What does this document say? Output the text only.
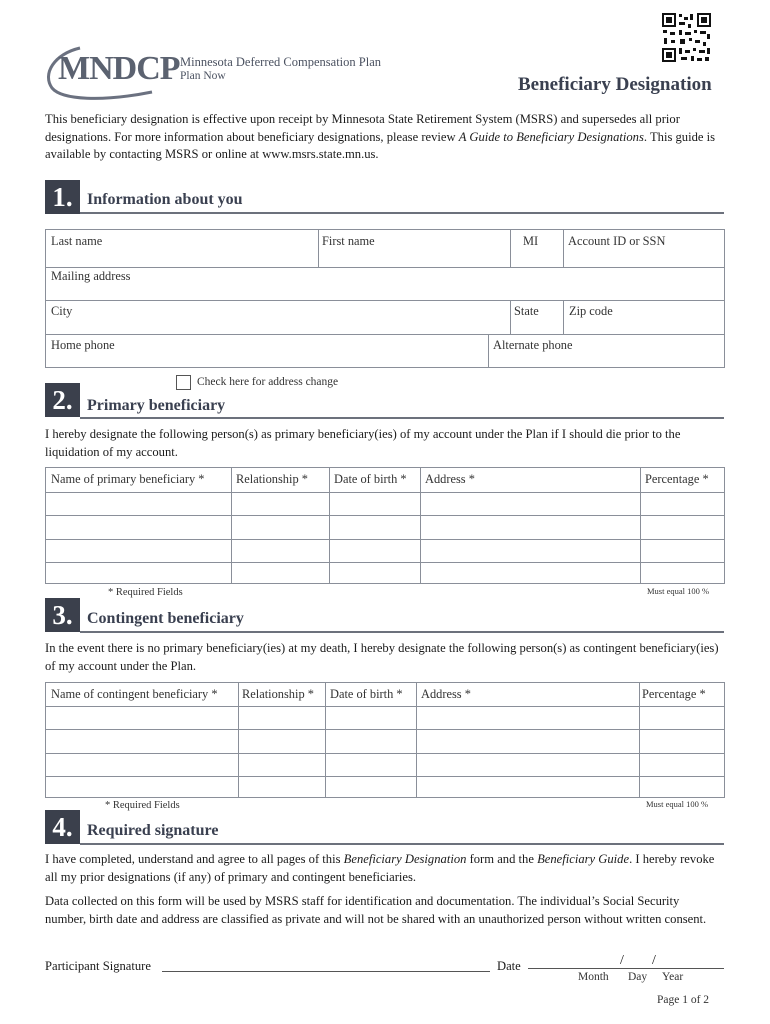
MNDCP Minnesota Deferred Compensation Plan
Plan Now	Beneficiary Designation
This beneficiary designation is effective upon receipt by Minnesota State Retirement System (MSRS) and supersedes all prior designations. For more information about beneficiary designations, please review A Guide to Beneficiary Designations. This guide is available by contacting MSRS or online at www.msrs.state.mn.us.
1. Information about you
Last name	First name	MI Account ID or SSN
Mailing address
City	State Zip code
Home phone	Alternate phone
Check here for address change
2. Primary beneficiary
I hereby designate the following person(s) as primary beneficiary(ies) of my account under the Plan if I should die prior to the liquidation of my account.
Name of primary beneficiary *	Relationship * Date of birth * Address *	Percentage *
* Required Fields	Must equal 100 %
3. Contingent beneficiary
In the event there is no primary beneficiary(ies) at my death, I hereby designate the following person(s) as contingent beneficiary(ies) of my account under the Plan.
Name of contingent beneficiary * Relationship * Date of birth * Address *	Percentage *
* Required Fields	Must equal 100 %
4. Required signature
I have completed, understand and agree to all pages of this Beneficiary Designation form and the Beneficiary Guide. I hereby revoke all my prior designations (if any) of primary and contingent beneficiaries.
Data collected on this form will be used by MSRS staff for identification and documentation. The individual’s Social Security number, birth date and address are classified as private and will not be shared with an unauthorized person without written consent.
Participant Signature	Date	/ /
Month Day Year
Page 1 of 2
